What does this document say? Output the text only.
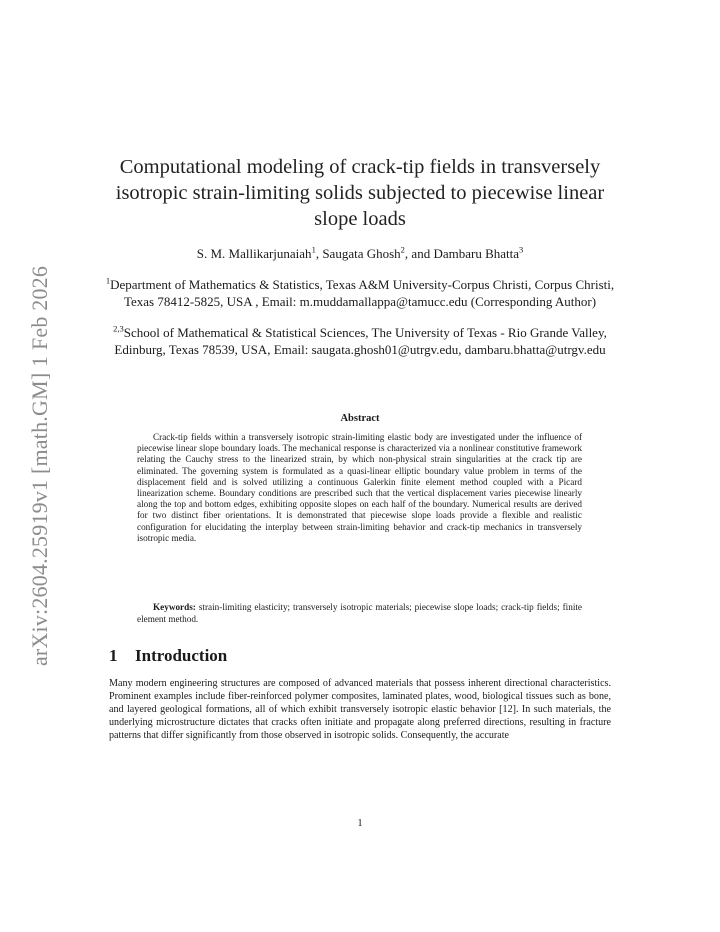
arXiv:2604.25919v1 [math.GM] 1 Feb 2026
Computational modeling of crack-tip fields in transversely isotropic strain-limiting solids subjected to piecewise linear slope loads
S. M. Mallikarjunaiah$^1$, Saugata Ghosh$^2$, and Dambaru Bhatta$^3$
$^1$Department of Mathematics & Statistics, Texas A&M University-Corpus Christi, Corpus Christi, Texas 78412-5825, USA , Email: m.muddamallappa@tamucc.edu (Corresponding Author)
$^{2,3}$School of Mathematical & Statistical Sciences, The University of Texas - Rio Grande Valley, Edinburg, Texas 78539, USA, Email: saugata.ghosh01@utrgv.edu, dambaru.bhatta@utrgv.edu
Abstract
Crack-tip fields within a transversely isotropic strain-limiting elastic body are investigated under the influence of piecewise linear slope boundary loads. The mechanical response is characterized via a nonlinear constitutive framework relating the Cauchy stress to the linearized strain, by which non-physical strain singularities at the crack tip are eliminated. The governing system is formulated as a quasi-linear elliptic boundary value problem in terms of the displacement field and is solved utilizing a continuous Galerkin finite element method coupled with a Picard linearization scheme. Boundary conditions are prescribed such that the vertical displacement varies piecewise linearly along the top and bottom edges, exhibiting opposite slopes on each half of the boundary. Numerical results are derived for two distinct fiber orientations. It is demonstrated that piecewise slope loads provide a flexible and realistic configuration for elucidating the interplay between strain-limiting behavior and crack-tip mechanics in transversely isotropic media.
Keywords: strain-limiting elasticity; transversely isotropic materials; piecewise slope loads; crack-tip fields; finite element method.
1 Introduction
Many modern engineering structures are composed of advanced materials that possess inherent directional characteristics. Prominent examples include fiber-reinforced polymer composites, laminated plates, wood, biological tissues such as bone, and layered geological formations, all of which exhibit transversely isotropic elastic behavior [12]. In such materials, the underlying microstructure dictates that cracks often initiate and propagate along preferred directions, resulting in fracture patterns that differ significantly from those observed in isotropic solids. Consequently, the accurate
1
